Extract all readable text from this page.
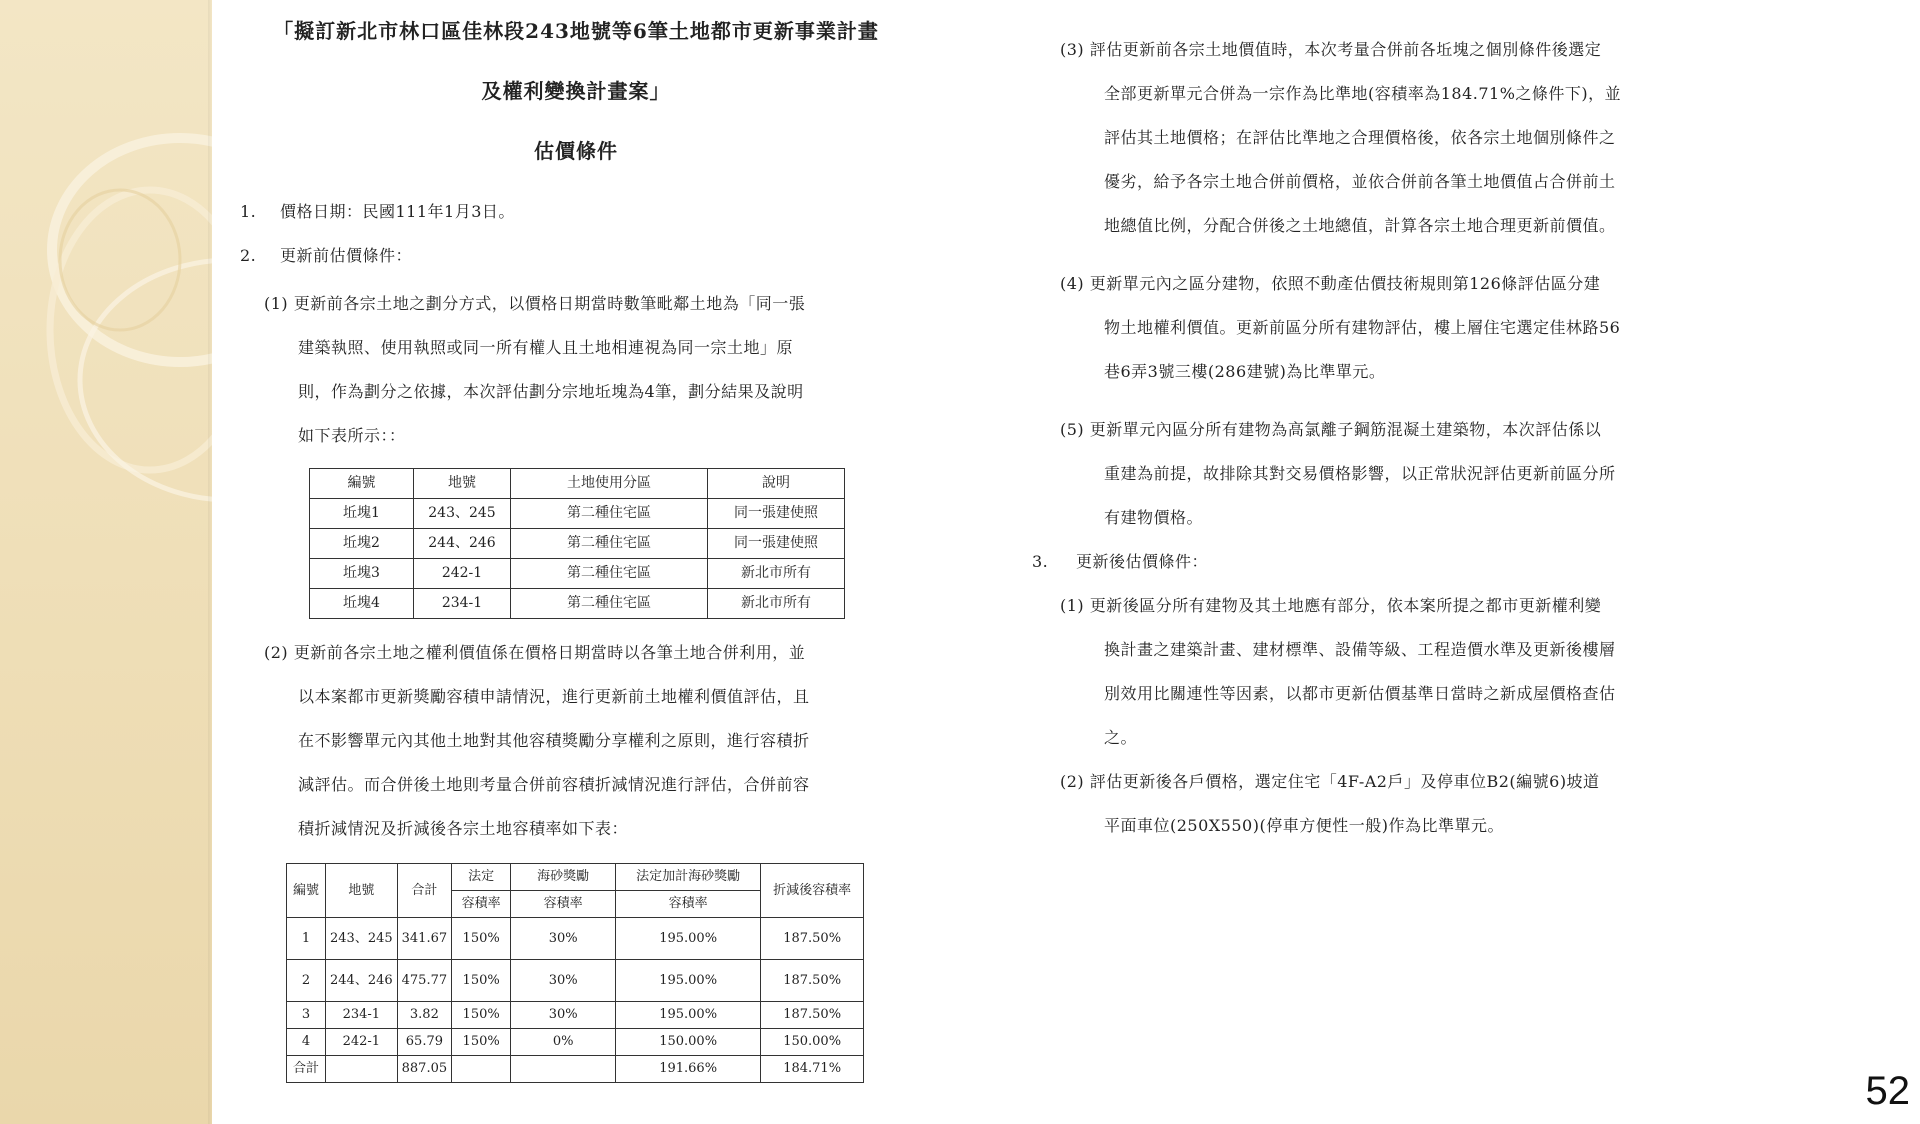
「擬訂新北市林口區佳林段243地號等6筆土地都市更新事業計畫
及權利變換計畫案」
估價條件
1. 價格日期：民國111年1月3日。
2. 更新前估價條件：
(1) 更新前各宗土地之劃分方式，以價格日期當時數筆毗鄰土地為「同一張
建築執照、使用執照或同一所有權人且土地相連視為同一宗土地」原
則，作為劃分之依據，本次評估劃分宗地坵塊為4筆，劃分結果及說明
如下表所示：：
編號	地號	土地使用分區	說明
坵塊1	243、245	第二種住宅區	同一張建使照
坵塊2	244、246	第二種住宅區	同一張建使照
坵塊3	242-1	第二種住宅區	新北市所有
坵塊4	234-1	第二種住宅區	新北市所有
(2) 更新前各宗土地之權利價值係在價格日期當時以各筆土地合併利用，並
以本案都市更新獎勵容積申請情況，進行更新前土地權利價值評估，且
在不影響單元內其他土地對其他容積獎勵分享權利之原則，進行容積折
減評估。而合併後土地則考量合併前容積折減情況進行評估，合併前容
積折減情況及折減後各宗土地容積率如下表：
編號	地號	合計	法定	海砂獎勵	法定加計海砂獎勵	折減後容積率
			容積率	容積率	容積率	
1	243、245	341.67	150%	30%	195.00%	187.50%
2	244、246	475.77	150%	30%	195.00%	187.50%
3	234-1	3.82	150%	30%	195.00%	187.50%
4	242-1	65.79	150%	0%	150.00%	150.00%
合計		887.05			191.66%	184.71%
(3) 評估更新前各宗土地價值時，本次考量合併前各坵塊之個別條件後選定
全部更新單元合併為一宗作為比準地(容積率為184.71%之條件下)，並
評估其土地價格；在評估比準地之合理價格後，依各宗土地個別條件之
優劣，給予各宗土地合併前價格，並依合併前各筆土地價值占合併前土
地總值比例，分配合併後之土地總值，計算各宗土地合理更新前價值。
(4) 更新單元內之區分建物，依照不動產估價技術規則第126條評估區分建
物土地權利價值。更新前區分所有建物評估，樓上層住宅選定佳林路56
巷6弄3號三樓(286建號)為比準單元。
(5) 更新單元內區分所有建物為高氯離子鋼筋混凝土建築物，本次評估係以
重建為前提，故排除其對交易價格影響，以正常狀況評估更新前區分所
有建物價格。
3. 更新後估價條件：
(1) 更新後區分所有建物及其土地應有部分，依本案所提之都市更新權利變
換計畫之建築計畫、建材標準、設備等級、工程造價水準及更新後樓層
別效用比關連性等因素，以都市更新估價基準日當時之新成屋價格查估
之。
(2) 評估更新後各戶價格，選定住宅「4F-A2戶」及停車位B2(編號6)坡道
平面車位(250X550)(停車方便性一般)作為比準單元。
52
